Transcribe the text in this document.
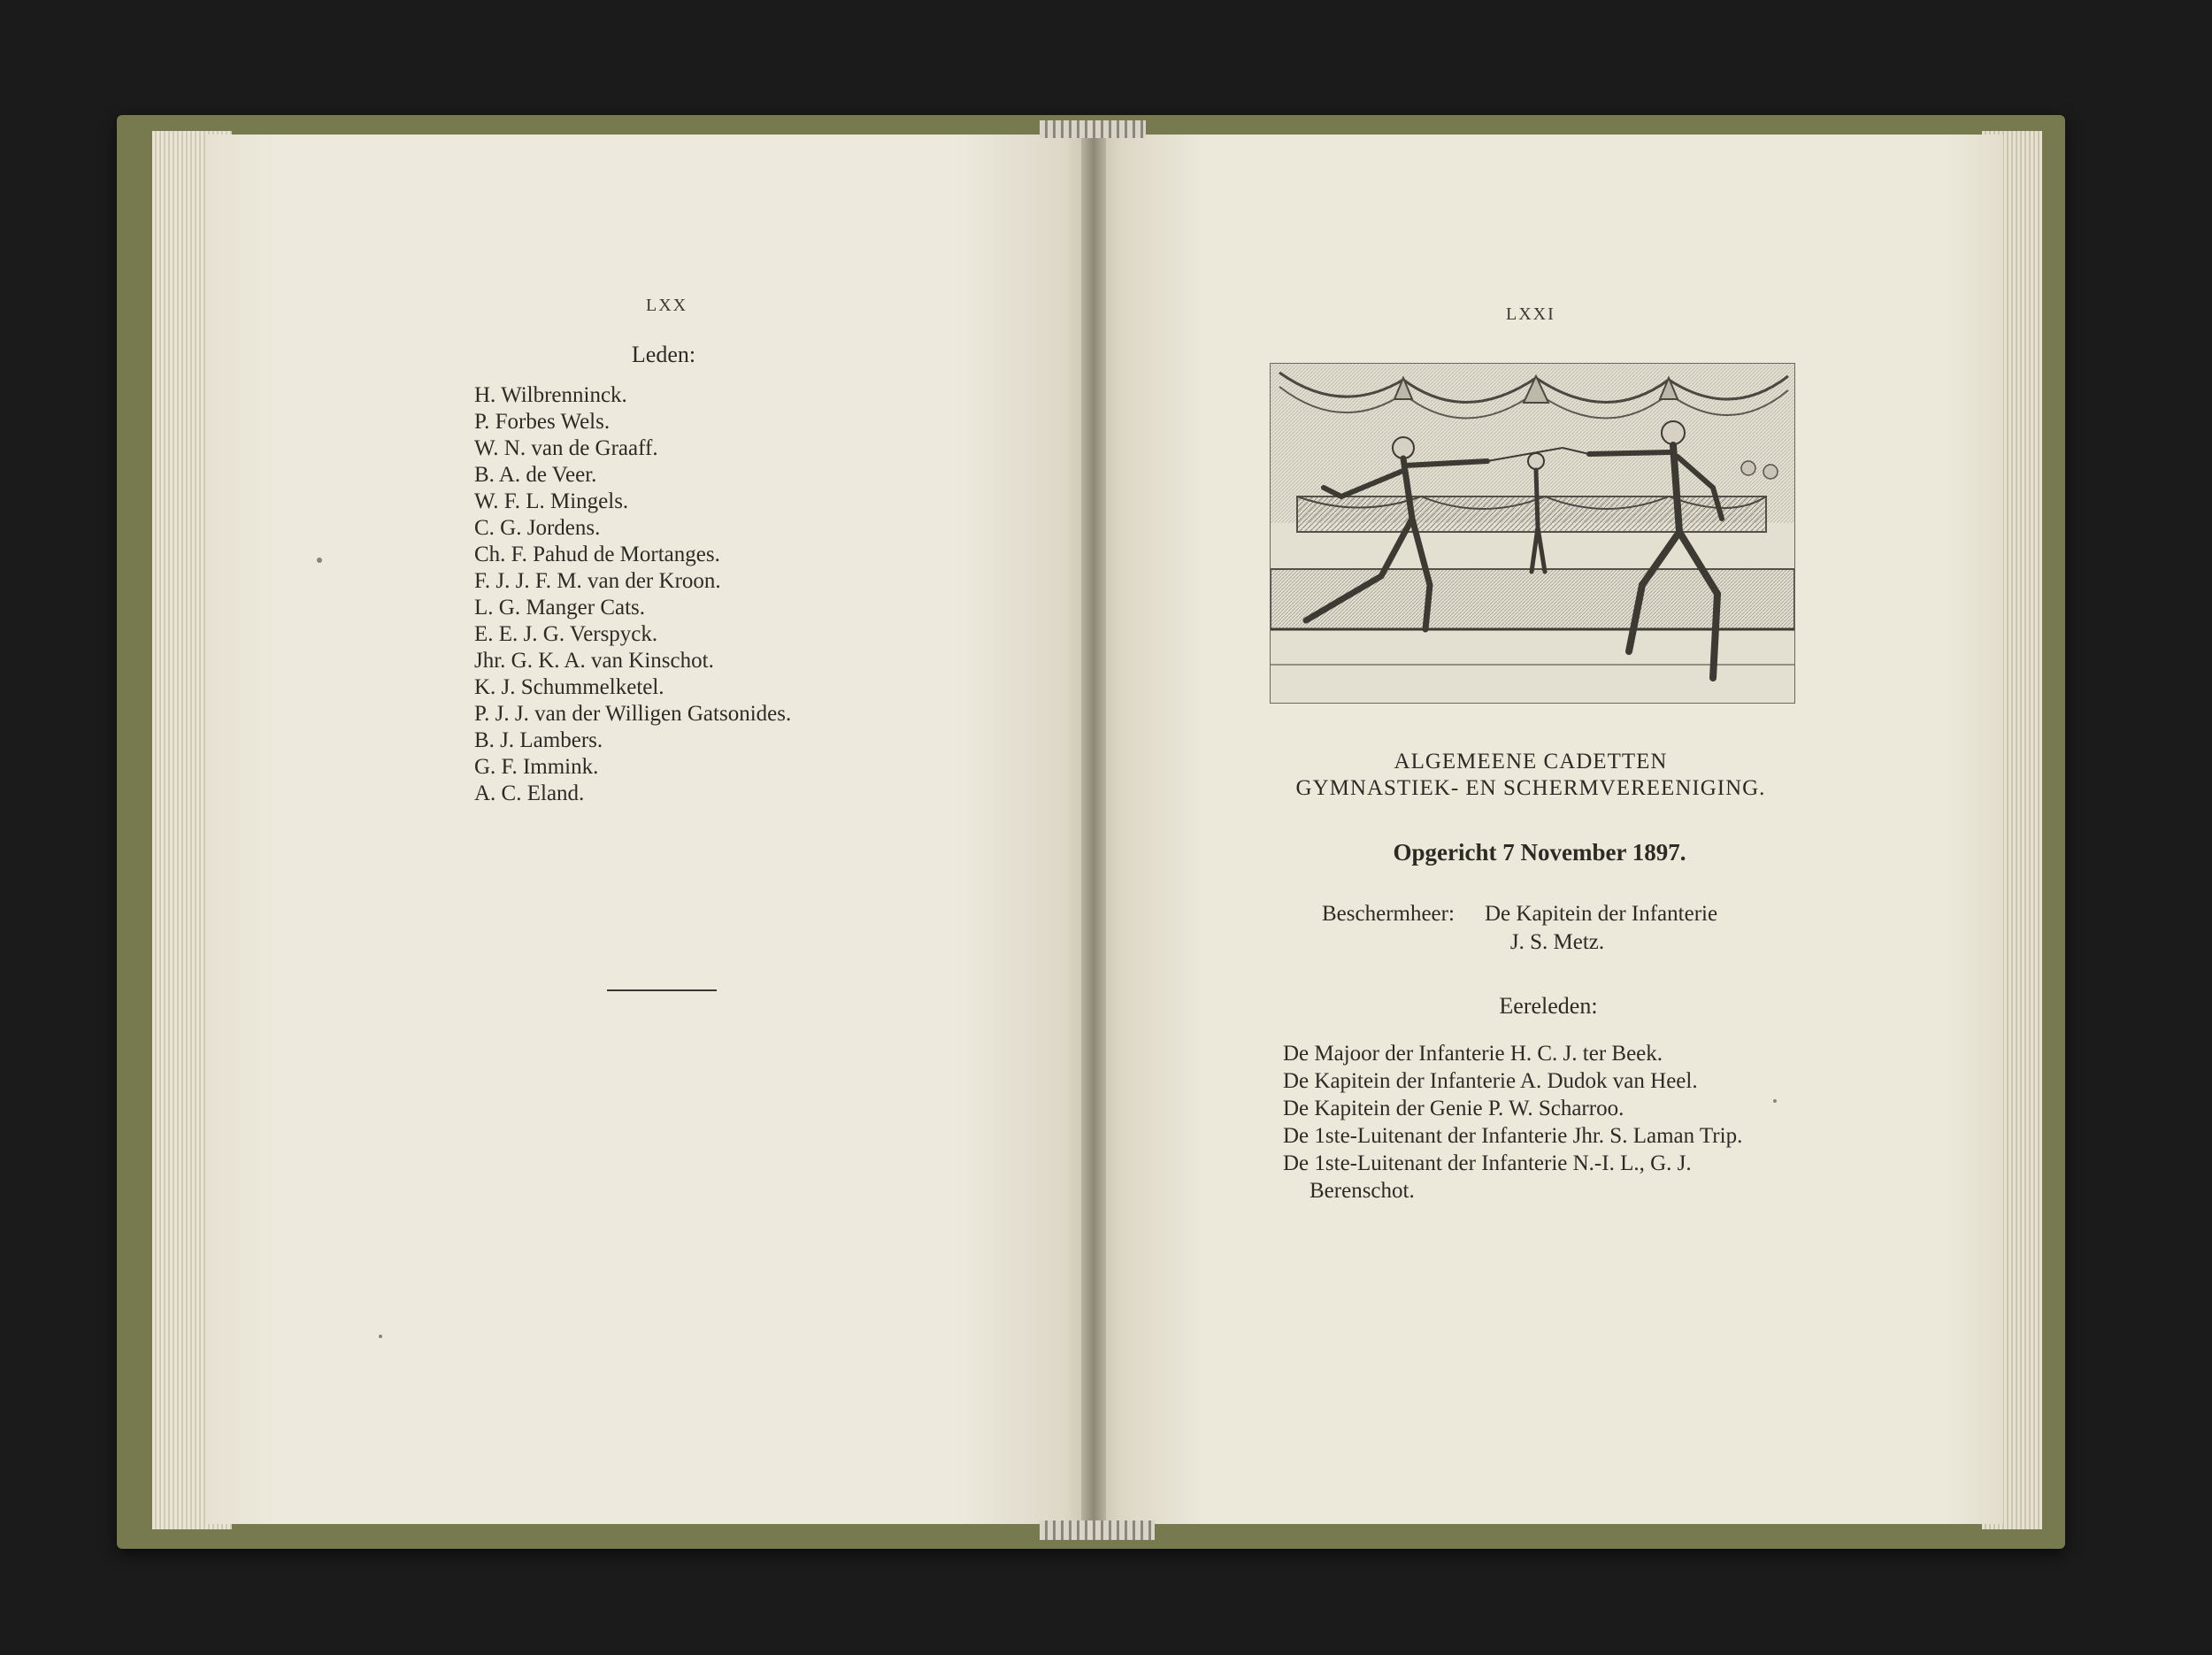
LXX
Leden:
H. Wilbrenninck.
P. Forbes Wels.
W. N. van de Graaff.
B. A. de Veer.
W. F. L. Mingels.
C. G. Jordens.
Ch. F. Pahud de Mortanges.
F. J. J. F. M. van der Kroon.
L. G. Manger Cats.
E. E. J. G. Verspyck.
Jhr. G. K. A. van Kinschot.
K. J. Schummelketel.
P. J. J. van der Willigen Gatsonides.
B. J. Lambers.
G. F. Immink.
A. C. Eland.
LXXI
ALGEMEENE CADETTEN
GYMNASTIEK- EN SCHERMVEREENIGING.
Opgericht 7 November 1897.
Beschermheer: De Kapitein der Infanterie
J. S. Metz.
Eereleden:
De Majoor der Infanterie H. C. J. ter Beek.
De Kapitein der Infanterie A. Dudok van Heel.
De Kapitein der Genie P. W. Scharroo.
De 1ste-Luitenant der Infanterie Jhr. S. Laman Trip.
De 1ste-Luitenant der Infanterie N.-I. L., G. J.
Berenschot.
